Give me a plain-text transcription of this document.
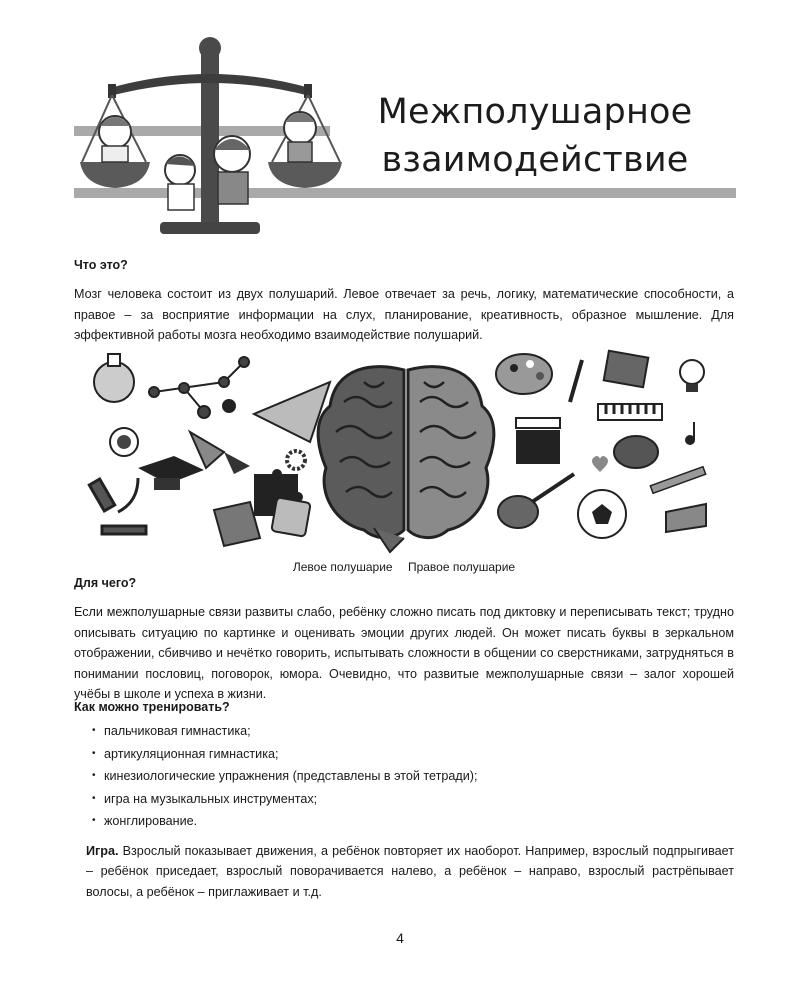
Межполушарное
взаимодействие

Что это?

Мозг человека состоит из двух полушарий. Левое отвечает за речь, логику, математические способности, а правое – за восприятие информации на слух, планирование, креативность, образное мышление. Для эффективной работы мозга необходимо взаимодействие полушарий.

Левое полушарие Правое полушарие

Для чего?

Если межполушарные связи развиты слабо, ребёнку сложно писать под диктовку и переписывать текст; трудно описывать ситуацию по картинке и оценивать эмоции других людей. Он может писать буквы в зеркальном отображении, сбивчиво и нечётко говорить, испытывать сложности в общении со сверстниками, затрудняться в понимании пословиц, поговорок, юмора. Очевидно, что развитые межполушарные связи – залог хорошей учёбы в школе и успеха в жизни.

Как можно тренировать?

• пальчиковая гимнастика;
• артикуляционная гимнастика;
• кинезиологические упражнения (представлены в этой тетради);
• игра на музыкальных инструментах;
• жонглирование.

Игра. Взрослый показывает движения, а ребёнок повторяет их наоборот. Например, взрослый подпрыгивает – ребёнок приседает, взрослый поворачивается налево, а ребёнок – направо, взрослый растрёпывает волосы, а ребёнок – приглаживает и т.д.

4
